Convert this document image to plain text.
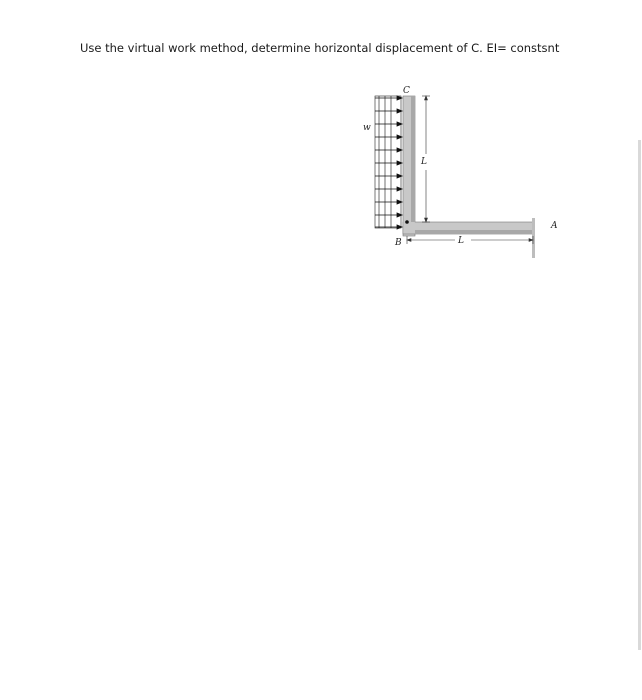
Use the virtual work method, determine horizontal displacement of C. EI= constsnt
C
A
B
w
L
L
